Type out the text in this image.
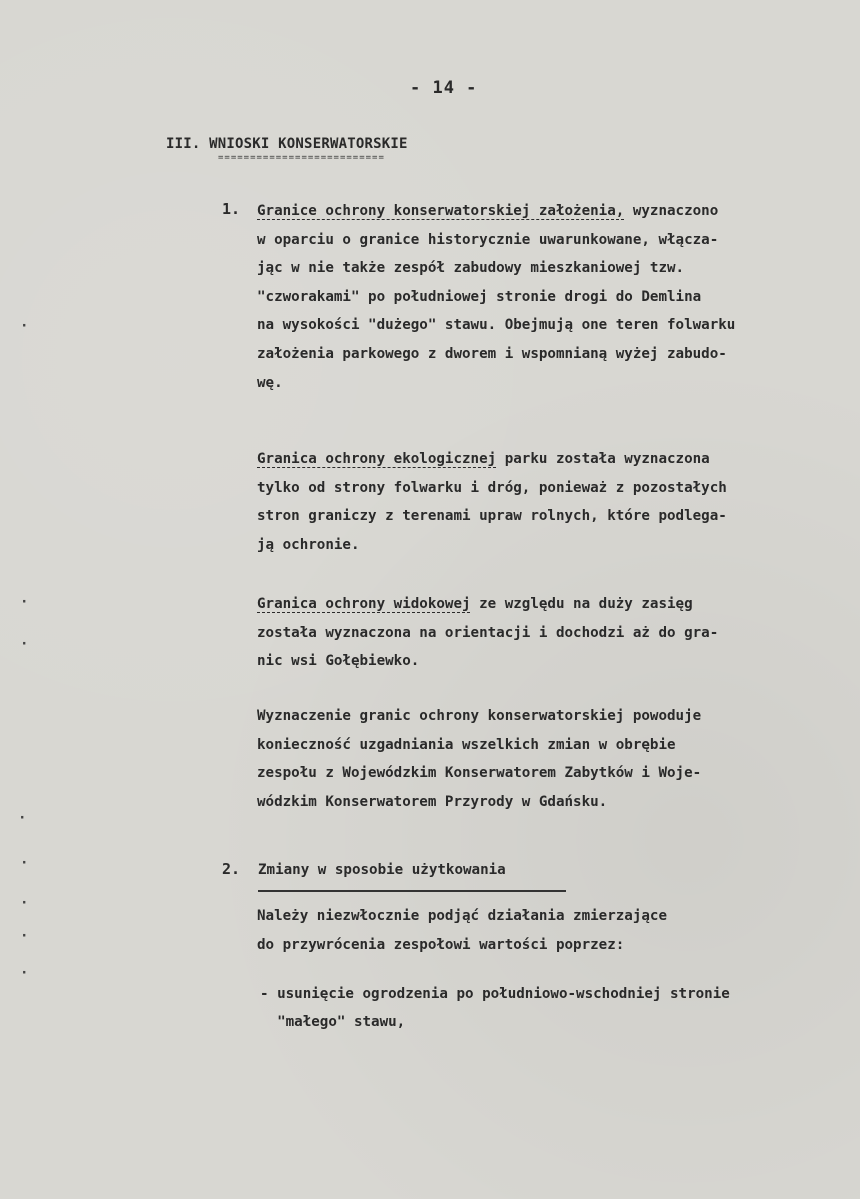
- 14 -
III. WNIOSKI KONSERWATORSKIE
==========================
1. Granice ochrony konserwatorskiej założenia, wyznaczono
w oparciu o granice historycznie uwarunkowane, włącza-
jąc w nie także zespół zabudowy mieszkaniowej tzw.
"czworakami" po południowej stronie drogi do Demlina
na wysokości "dużego" stawu. Obejmują one teren folwarku
założenia parkowego z dworem i wspomnianą wyżej zabudo-
wę.
Granica ochrony ekologicznej parku została wyznaczona
tylko od strony folwarku i dróg, ponieważ z pozostałych
stron graniczy z terenami upraw rolnych, które podlega-
ją ochronie.
Granica ochrony widokowej ze względu na duży zasięg
została wyznaczona na orientacji i dochodzi aż do gra-
nic wsi Gołębiewko.
Wyznaczenie granic ochrony konserwatorskiej powoduje
konieczność uzgadniania wszelkich zmian w obrębie
zespołu z Wojewódzkim Konserwatorem Zabytków i Woje-
wódzkim Konserwatorem Przyrody w Gdańsku.
2. Zmiany w sposobie użytkowania
Należy niezwłocznie podjąć działania zmierzające
do przywrócenia zespołowi wartości poprzez:
- usunięcie ogrodzenia po południowo-wschodniej stronie
"małego" stawu,
·
·
·
·
·
·
·
·
